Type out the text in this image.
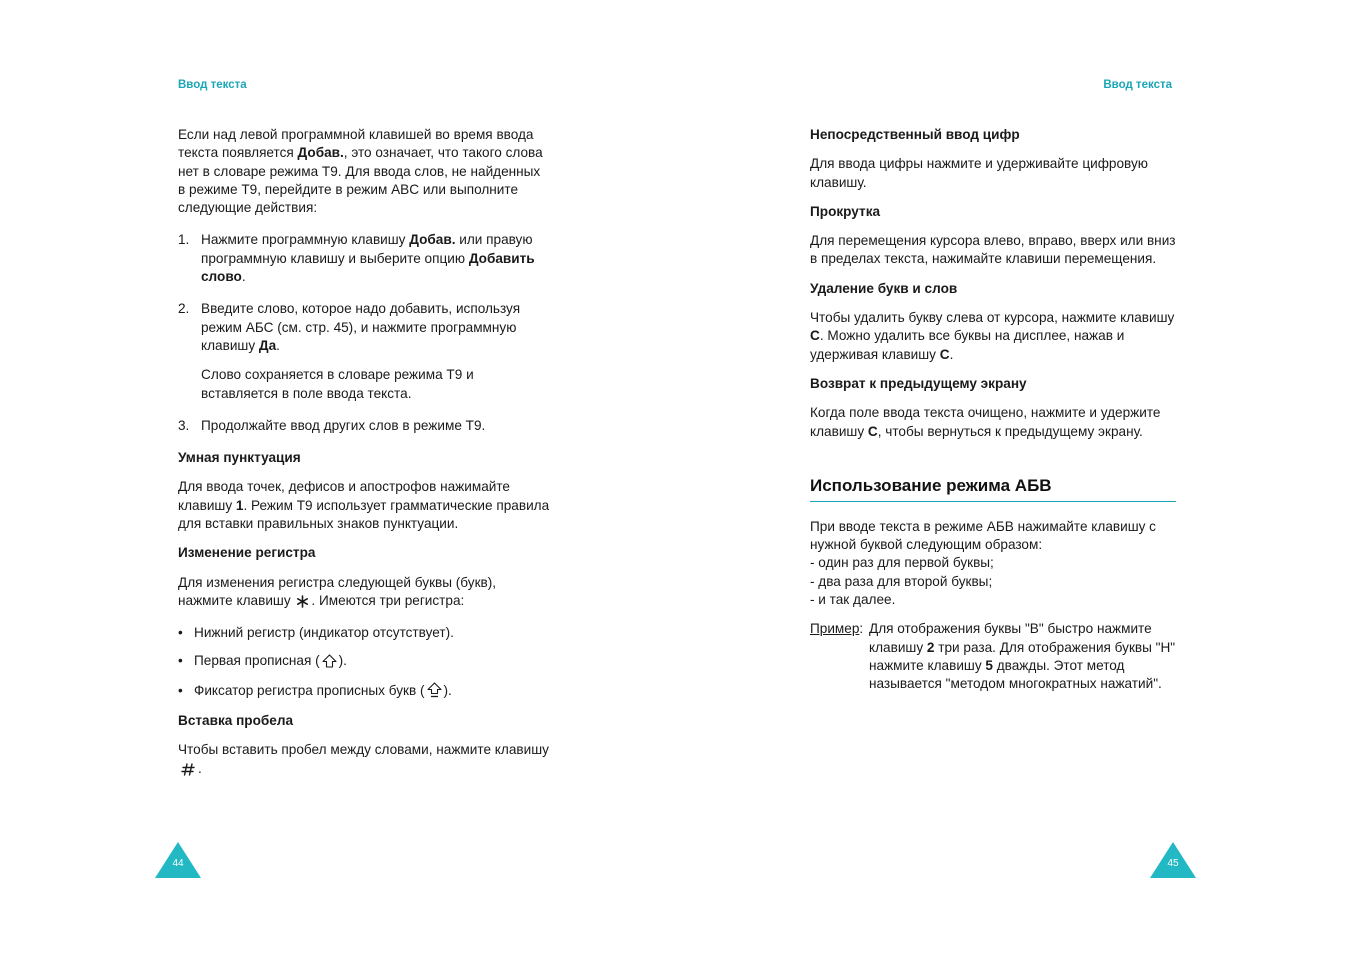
Ввод текста

Если над левой программной клавишей во время ввода текста появляется Добав., это означает, что такого слова нет в словаре режима T9. Для ввода слов, не найденных в режиме T9, перейдите в режим ABC или выполните следующие действия:

1. Нажмите программную клавишу Добав. или правую программную клавишу и выберите опцию Добавить слово.
2. Введите слово, которое надо добавить, используя режим АБС (см. стр. 45), и нажмите программную клавишу Да.

Слово сохраняется в словаре режима T9 и вставляется в поле ввода текста.

3. Продолжайте ввод других слов в режиме T9.

Умная пунктуация

Для ввода точек, дефисов и апострофов нажимайте клавишу 1. Режим T9 использует грамматические правила для вставки правильных знаков пунктуации.

Изменение регистра

Для изменения регистра следующей буквы (букв), нажмите клавишу . Имеются три регистра:

• Нижний регистр (индикатор отсутствует).
• Первая прописная ( ).
• Фиксатор регистра прописных букв ( ).

Вставка пробела

Чтобы вставить пробел между словами, нажмите клавишу .

44
Ввод текста

Непосредственный ввод цифр

Для ввода цифры нажмите и удерживайте цифровую клавишу.

Прокрутка

Для перемещения курсора влево, вправо, вверх или вниз в пределах текста, нажимайте клавиши перемещения.

Удаление букв и слов

Чтобы удалить букву слева от курсора, нажмите клавишу C. Можно удалить все буквы на дисплее, нажав и удерживая клавишу C.

Возврат к предыдущему экрану

Когда поле ввода текста очищено, нажмите и удержите клавишу C, чтобы вернуться к предыдущему экрану.

Использование режима АБВ

При вводе текста в режиме АБВ нажимайте клавишу с нужной буквой следующим образом:

- один раз для первой буквы;

- два раза для второй буквы;

- и так далее.

Пример: Для отображения буквы "В" быстро нажмите клавишу 2 три раза. Для отображения буквы "Н" нажмите клавишу 5 дважды. Этот метод называется "методом многократных нажатий".
45
